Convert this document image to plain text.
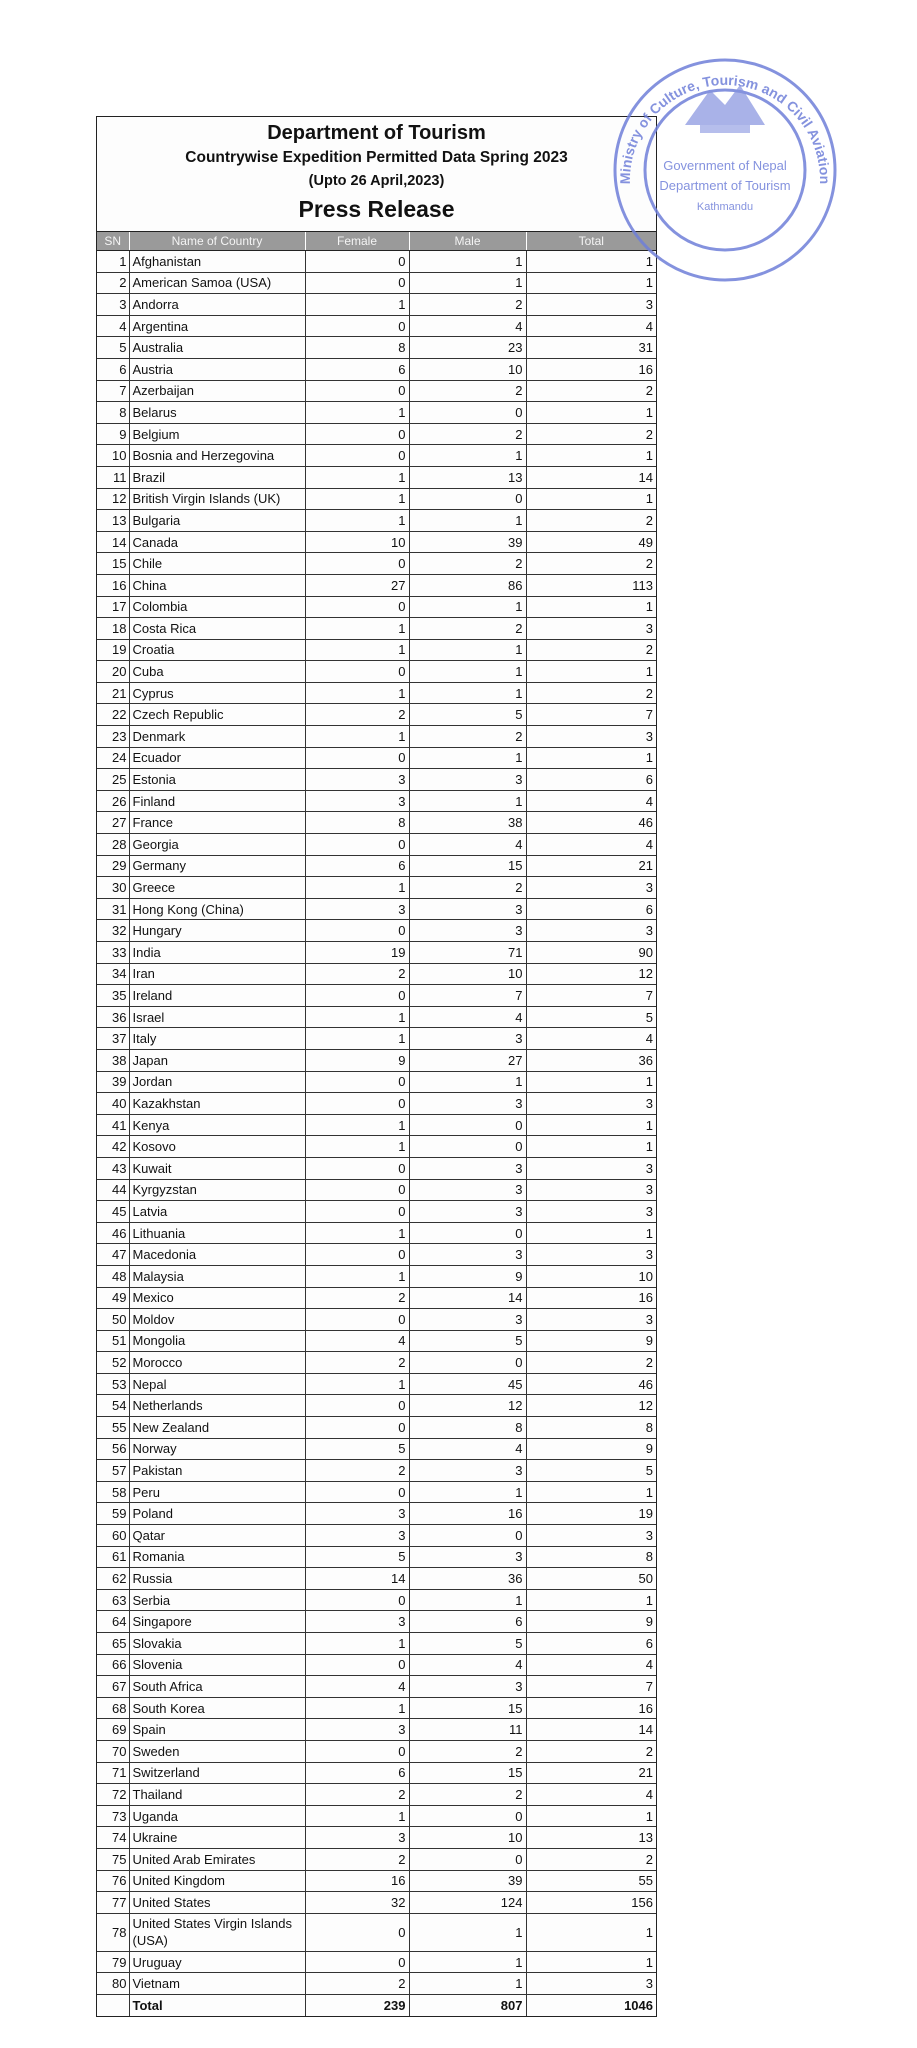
Department of Tourism
Countrywise Expedition Permitted Data Spring 2023
(Upto 26 April,2023)
Press Release
SN	Name of Country	Female	Male	Total
1	Afghanistan	0	1	1
2	American Samoa (USA)	0	1	1
3	Andorra	1	2	3
4	Argentina	0	4	4
5	Australia	8	23	31
6	Austria	6	10	16
7	Azerbaijan	0	2	2
8	Belarus	1	0	1
9	Belgium	0	2	2
10	Bosnia and Herzegovina	0	1	1
11	Brazil	1	13	14
12	British Virgin Islands (UK)	1	0	1
13	Bulgaria	1	1	2
14	Canada	10	39	49
15	Chile	0	2	2
16	China	27	86	113
17	Colombia	0	1	1
18	Costa Rica	1	2	3
19	Croatia	1	1	2
20	Cuba	0	1	1
21	Cyprus	1	1	2
22	Czech Republic	2	5	7
23	Denmark	1	2	3
24	Ecuador	0	1	1
25	Estonia	3	3	6
26	Finland	3	1	4
27	France	8	38	46
28	Georgia	0	4	4
29	Germany	6	15	21
30	Greece	1	2	3
31	Hong Kong (China)	3	3	6
32	Hungary	0	3	3
33	India	19	71	90
34	Iran	2	10	12
35	Ireland	0	7	7
36	Israel	1	4	5
37	Italy	1	3	4
38	Japan	9	27	36
39	Jordan	0	1	1
40	Kazakhstan	0	3	3
41	Kenya	1	0	1
42	Kosovo	1	0	1
43	Kuwait	0	3	3
44	Kyrgyzstan	0	3	3
45	Latvia	0	3	3
46	Lithuania	1	0	1
47	Macedonia	0	3	3
48	Malaysia	1	9	10
49	Mexico	2	14	16
50	Moldov	0	3	3
51	Mongolia	4	5	9
52	Morocco	2	0	2
53	Nepal	1	45	46
54	Netherlands	0	12	12
55	New Zealand	0	8	8
56	Norway	5	4	9
57	Pakistan	2	3	5
58	Peru	0	1	1
59	Poland	3	16	19
60	Qatar	3	0	3
61	Romania	5	3	8
62	Russia	14	36	50
63	Serbia	0	1	1
64	Singapore	3	6	9
65	Slovakia	1	5	6
66	Slovenia	0	4	4
67	South Africa	4	3	7
68	South Korea	1	15	16
69	Spain	3	11	14
70	Sweden	0	2	2
71	Switzerland	6	15	21
72	Thailand	2	2	4
73	Uganda	1	0	1
74	Ukraine	3	10	13
75	United Arab Emirates	2	0	2
76	United Kingdom	16	39	55
77	United States	32	124	156
78	United States Virgin Islands (USA)	0	1	1
79	Uruguay	0	1	1
80	Vietnam	2	1	3
	Total	239	807	1046
Ministry of Culture, Tourism and Civil Aviation
Government of Nepal
Department of Tourism
Kathmandu
